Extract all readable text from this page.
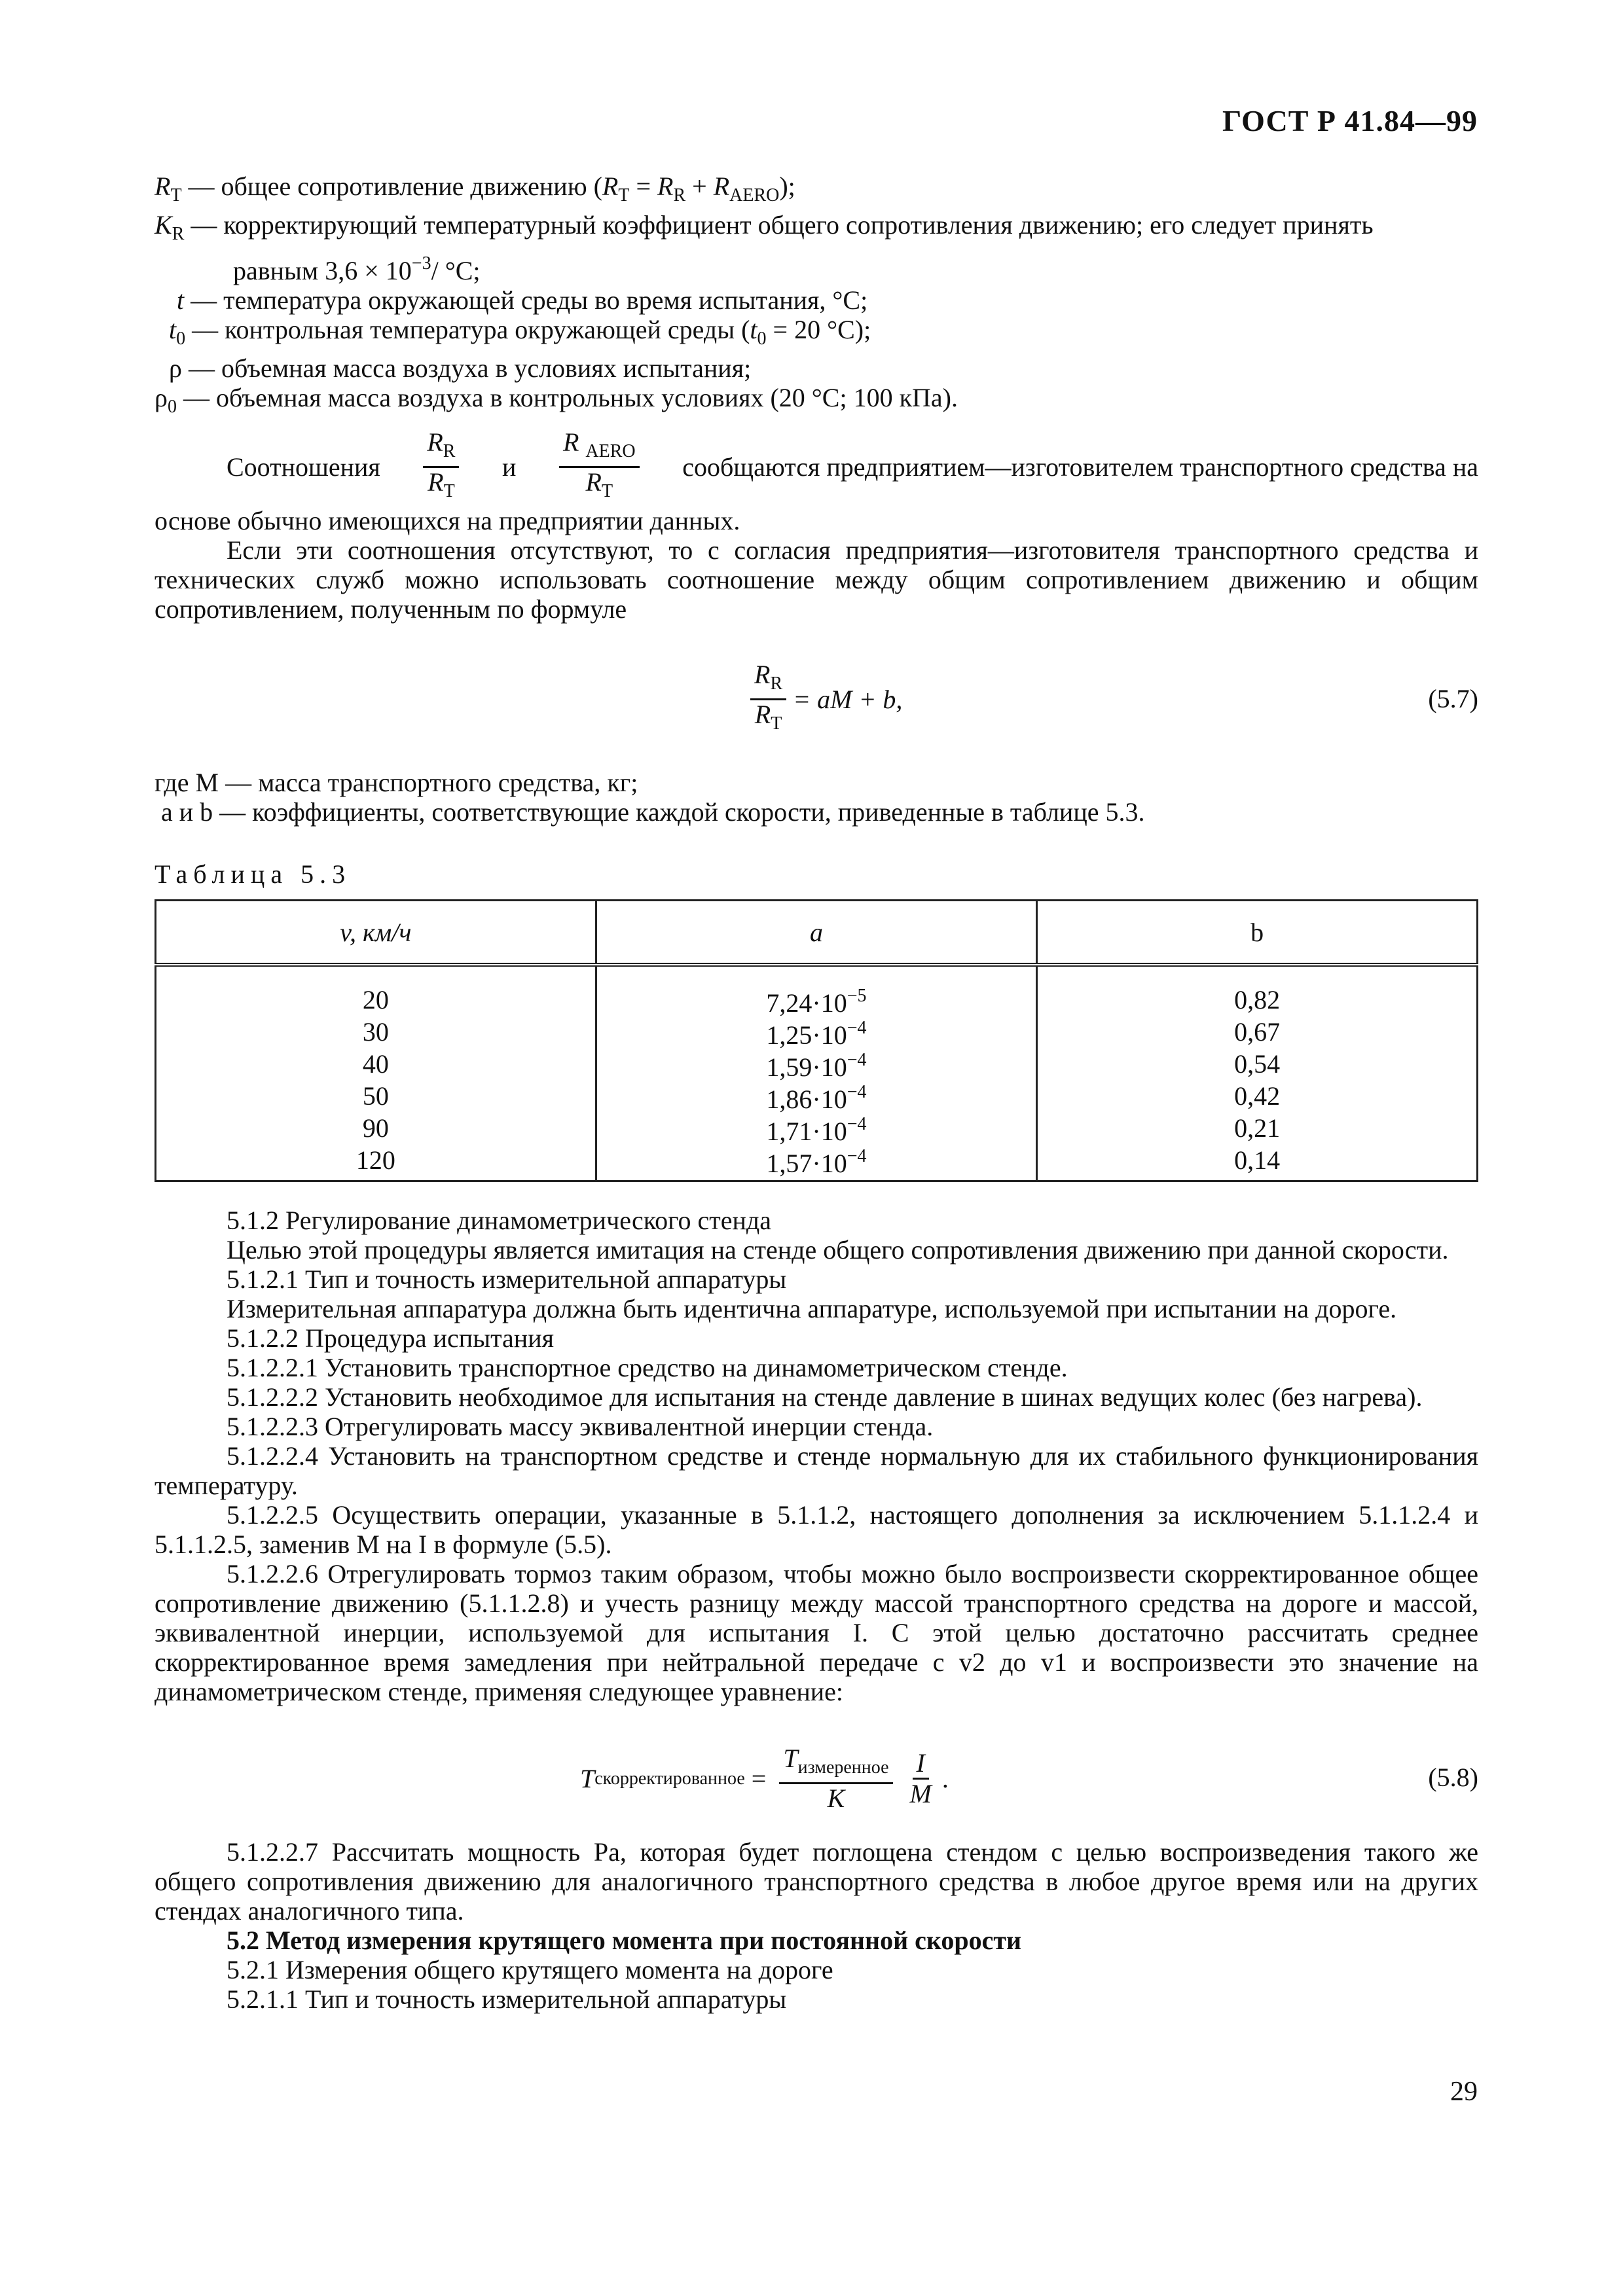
ГОСТ Р 41.84—99
$R_T$ — общее сопротивление движению $(R_T = R_R + R_{AERO})$;
$K_R$ — корректирующий температурный коэффициент общего сопротивления движению; его следует принять
равным $3,6 \times 10^{-3}/$ °С;
t — температура окружающей среды во время испытания, °С;
$t_0$ — контрольная температура окружающей среды ($t_0 = 20$ °С);
ρ — объемная масса воздуха в условиях испытания;
$\rho_0$ — объемная масса воздуха в контрольных условиях (20 °С; 100 кПа).
Соотношения $\frac{R_R}{R_T}$ и $\frac{R _{AERO}}{R_T}$ сообщаются предприятием—изготовителем транспортного средства на

основе обычно имеющихся на предприятии данных.

Если эти соотношения отсутствуют, то с согласия предприятия—изготовителя транспортного средства и технических служб можно использовать соотношение между общим сопротивлением движению и общим сопротивлением, полученным по формуле

$\frac{R_R}{R_T}$ = aM + b,	(5.7)

где M — масса транспортного средства, кг;

a и b — коэффициенты, соответствующие каждой скорости, приведенные в таблице 5.3.

Таблица 5.3

v, км/ч	a	b
20	$7,24\cdot 10^{-5}$	0,82
30	$1,25\cdot 10^{-4}$	0,67
40	$1,59\cdot 10^{-4}$	0,54
50	$1,86\cdot 10^{-4}$	0,42
90	$1,71\cdot 10^{-4}$	0,21
120	$1,57\cdot 10^{-4}$	0,14

5.1.2 Регулирование динамометрического стенда

Целью этой процедуры является имитация на стенде общего сопротивления движению при данной скорости.

5.1.2.1 Тип и точность измерительной аппаратуры

Измерительная аппаратура должна быть идентична аппаратуре, используемой при испытании на дороге.

5.1.2.2 Процедура испытания

5.1.2.2.1 Установить транспортное средство на динамометрическом стенде.

5.1.2.2.2 Установить необходимое для испытания на стенде давление в шинах ведущих колес (без нагрева).

5.1.2.2.3 Отрегулировать массу эквивалентной инерции стенда.

5.1.2.2.4 Установить на транспортном средстве и стенде нормальную для их стабильного функционирования температуру.

5.1.2.2.5 Осуществить операции, указанные в 5.1.1.2, настоящего дополнения за исключением 5.1.1.2.4 и 5.1.1.2.5, заменив M на I в формуле (5.5).

5.1.2.2.6 Отрегулировать тормоз таким образом, чтобы можно было воспроизвести скорректированное общее сопротивление движению (5.1.1.2.8) и учесть разницу между массой транспортного средства на дороге и массой, эквивалентной инерции, используемой для испытания I. С этой целью достаточно рассчитать среднее скорректированное время замедления при нейтральной передаче с v2 до v1 и воспроизвести это значение на динамометрическом стенде, применяя следующее уравнение:

T скорректированное = $\frac{T_{измеренное}}{K} \frac{I}{M}$ .	(5.8)

5.1.2.2.7 Рассчитать мощность Pa, которая будет поглощена стендом с целью воспроизведения такого же общего сопротивления движению для аналогичного транспортного средства в любое другое время или на других стендах аналогичного типа.

5.2 Метод измерения крутящего момента при постоянной скорости

5.2.1 Измерения общего крутящего момента на дороге

5.2.1.1 Тип и точность измерительной аппаратуры

29
